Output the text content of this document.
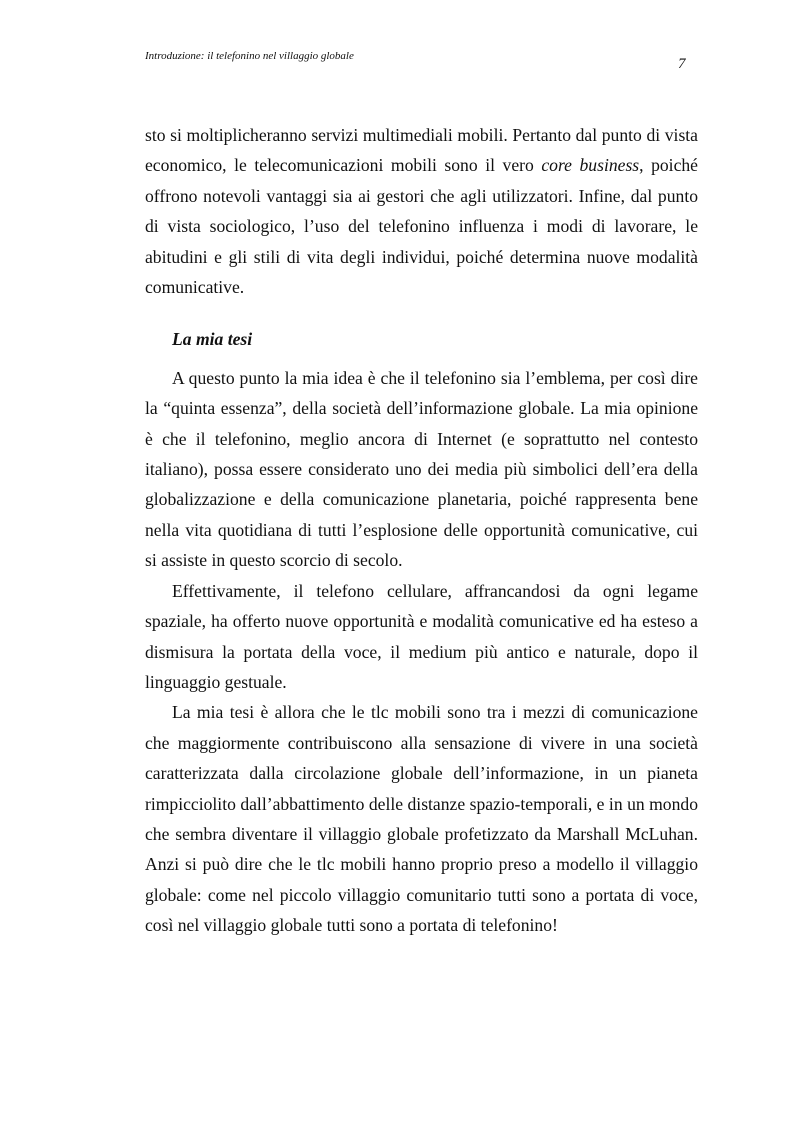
Introduzione: il telefonino nel villaggio globale	7

sto si moltiplicheranno servizi multimediali mobili. Pertanto dal punto di vista economico, le telecomunicazioni mobili sono il vero core business, poiché offrono notevoli vantaggi sia ai gestori che agli utilizzatori. Infine, dal punto di vista sociologico, l’uso del telefonino influenza i modi di lavorare, le abitudini e gli stili di vita degli individui, poiché determina nuove modalità comunicative.

La mia tesi

A questo punto la mia idea è che il telefonino sia l’emblema, per così dire la “quinta essenza”, della società dell’informazione globale. La mia opinione è che il telefonino, meglio ancora di Internet (e soprattutto nel contesto italiano), possa essere considerato uno dei media più simbolici dell’era della globalizzazione e della comunicazione planetaria, poiché rappresenta bene nella vita quotidiana di tutti l’esplosione delle opportunità comunicative, cui si assiste in questo scorcio di secolo.

Effettivamente, il telefono cellulare, affrancandosi da ogni legame spaziale, ha offerto nuove opportunità e modalità comunicative ed ha esteso a dismisura la portata della voce, il medium più antico e naturale, dopo il linguaggio gestuale.

La mia tesi è allora che le tlc mobili sono tra i mezzi di comunicazione che maggiormente contribuiscono alla sensazione di vivere in una società caratterizzata dalla circolazione globale dell’informazione, in un pianeta rimpicciolito dall’abbattimento delle distanze spazio-temporali, e in un mondo che sembra diventare il villaggio globale profetizzato da Marshall McLuhan. Anzi si può dire che le tlc mobili hanno proprio preso a modello il villaggio globale: come nel piccolo villaggio comunitario tutti sono a portata di voce, così nel villaggio globale tutti sono a portata di telefonino!
